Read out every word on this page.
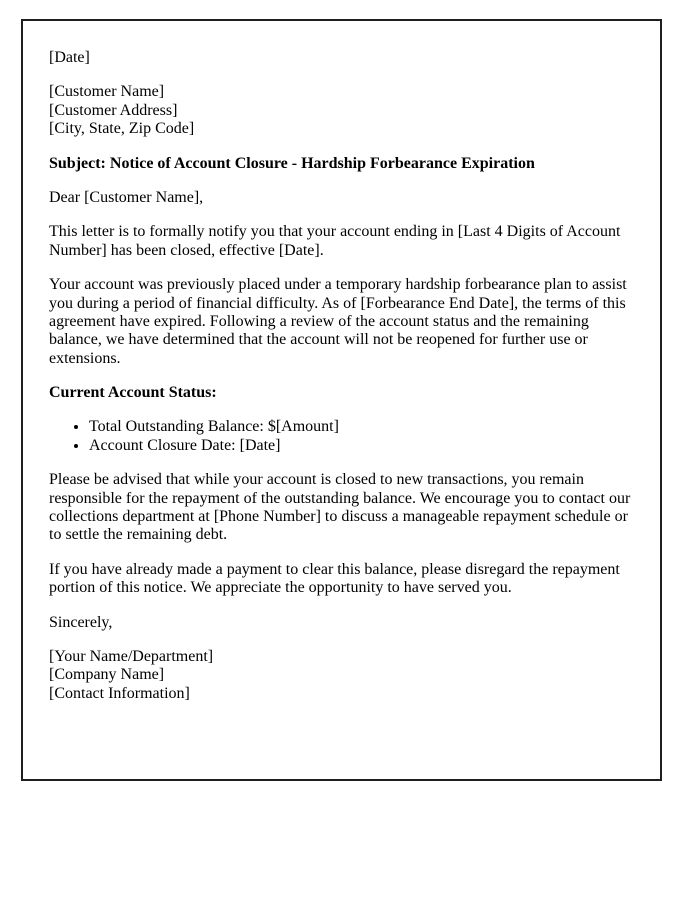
[Date]

[Customer Name]
[Customer Address]
[City, State, Zip Code]

Subject: Notice of Account Closure - Hardship Forbearance Expiration

Dear [Customer Name],

This letter is to formally notify you that your account ending in [Last 4 Digits of Account Number] has been closed, effective [Date].

Your account was previously placed under a temporary hardship forbearance plan to assist you during a period of financial difficulty. As of [Forbearance End Date], the terms of this agreement have expired. Following a review of the account status and the remaining balance, we have determined that the account will not be reopened for further use or extensions.

Current Account Status:

• Total Outstanding Balance: $[Amount]
• Account Closure Date: [Date]

Please be advised that while your account is closed to new transactions, you remain responsible for the repayment of the outstanding balance. We encourage you to contact our collections department at [Phone Number] to discuss a manageable repayment schedule or to settle the remaining debt.

If you have already made a payment to clear this balance, please disregard the repayment portion of this notice. We appreciate the opportunity to have served you.

Sincerely,

[Your Name/Department]
[Company Name]
[Contact Information]
